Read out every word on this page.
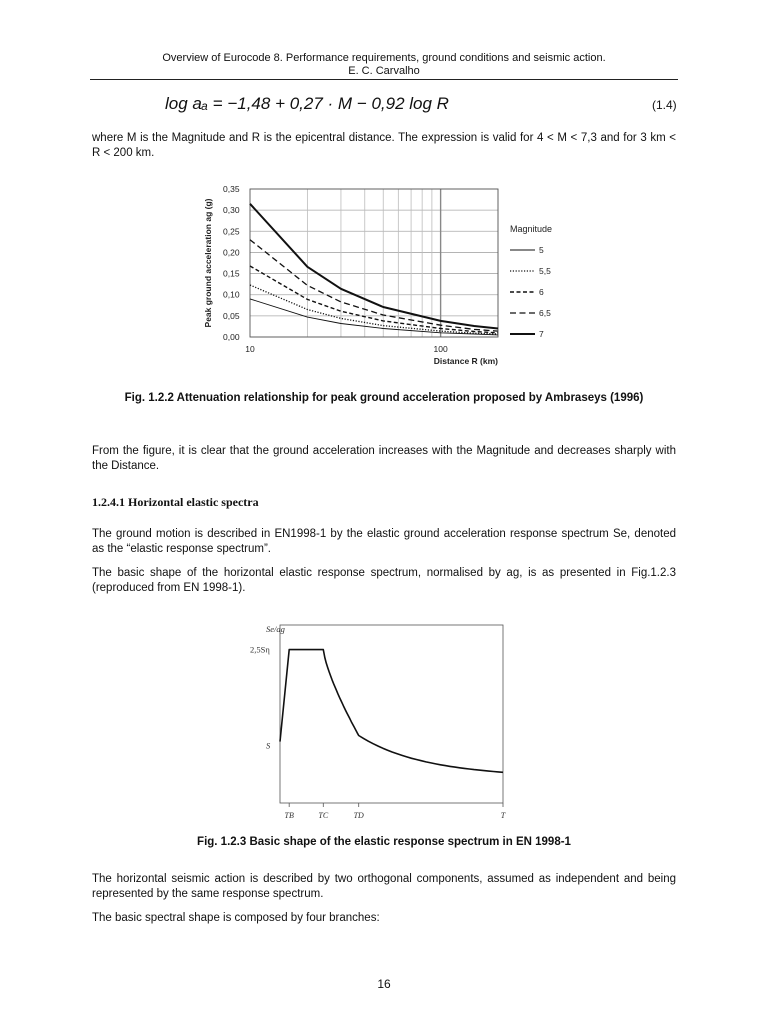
Overview of Eurocode 8. Performance requirements, ground conditions and seismic action.
E. C. Carvalho
log aₐ = −1,48 + 0,27 · M − 0,92 log R	(1.4)
where M is the Magnitude and R is the epicentral distance. The expression is valid for 4 < M < 7,3 and for 3 km < R < 200 km.
0,00
0,05
0,10
0,15
0,20
0,25
0,30
0,35
10	100
Distance R (km)
Peak ground acceleration ag (g)	Magnitude
5
5,5
6
6,5
7
Fig. 1.2.2 Attenuation relationship for peak ground acceleration proposed by Ambraseys (1996)
From the figure, it is clear that the ground acceleration increases with the Magnitude and decreases sharply with the Distance.
1.2.4.1 Horizontal elastic spectra
The ground motion is described in EN1998-1 by the elastic ground acceleration response spectrum Se, denoted as the “elastic response spectrum”.
The basic shape of the horizontal elastic response spectrum, normalised by ag, is as presented in Fig.1.2.3 (reproduced from EN 1998-1).
Se/ag
2,5Sη
S
TB	TC	TD	T
Fig. 1.2.3 Basic shape of the elastic response spectrum in EN 1998-1
The horizontal seismic action is described by two orthogonal components, assumed as independent and being represented by the same response spectrum.
The basic spectral shape is composed by four branches:
16
